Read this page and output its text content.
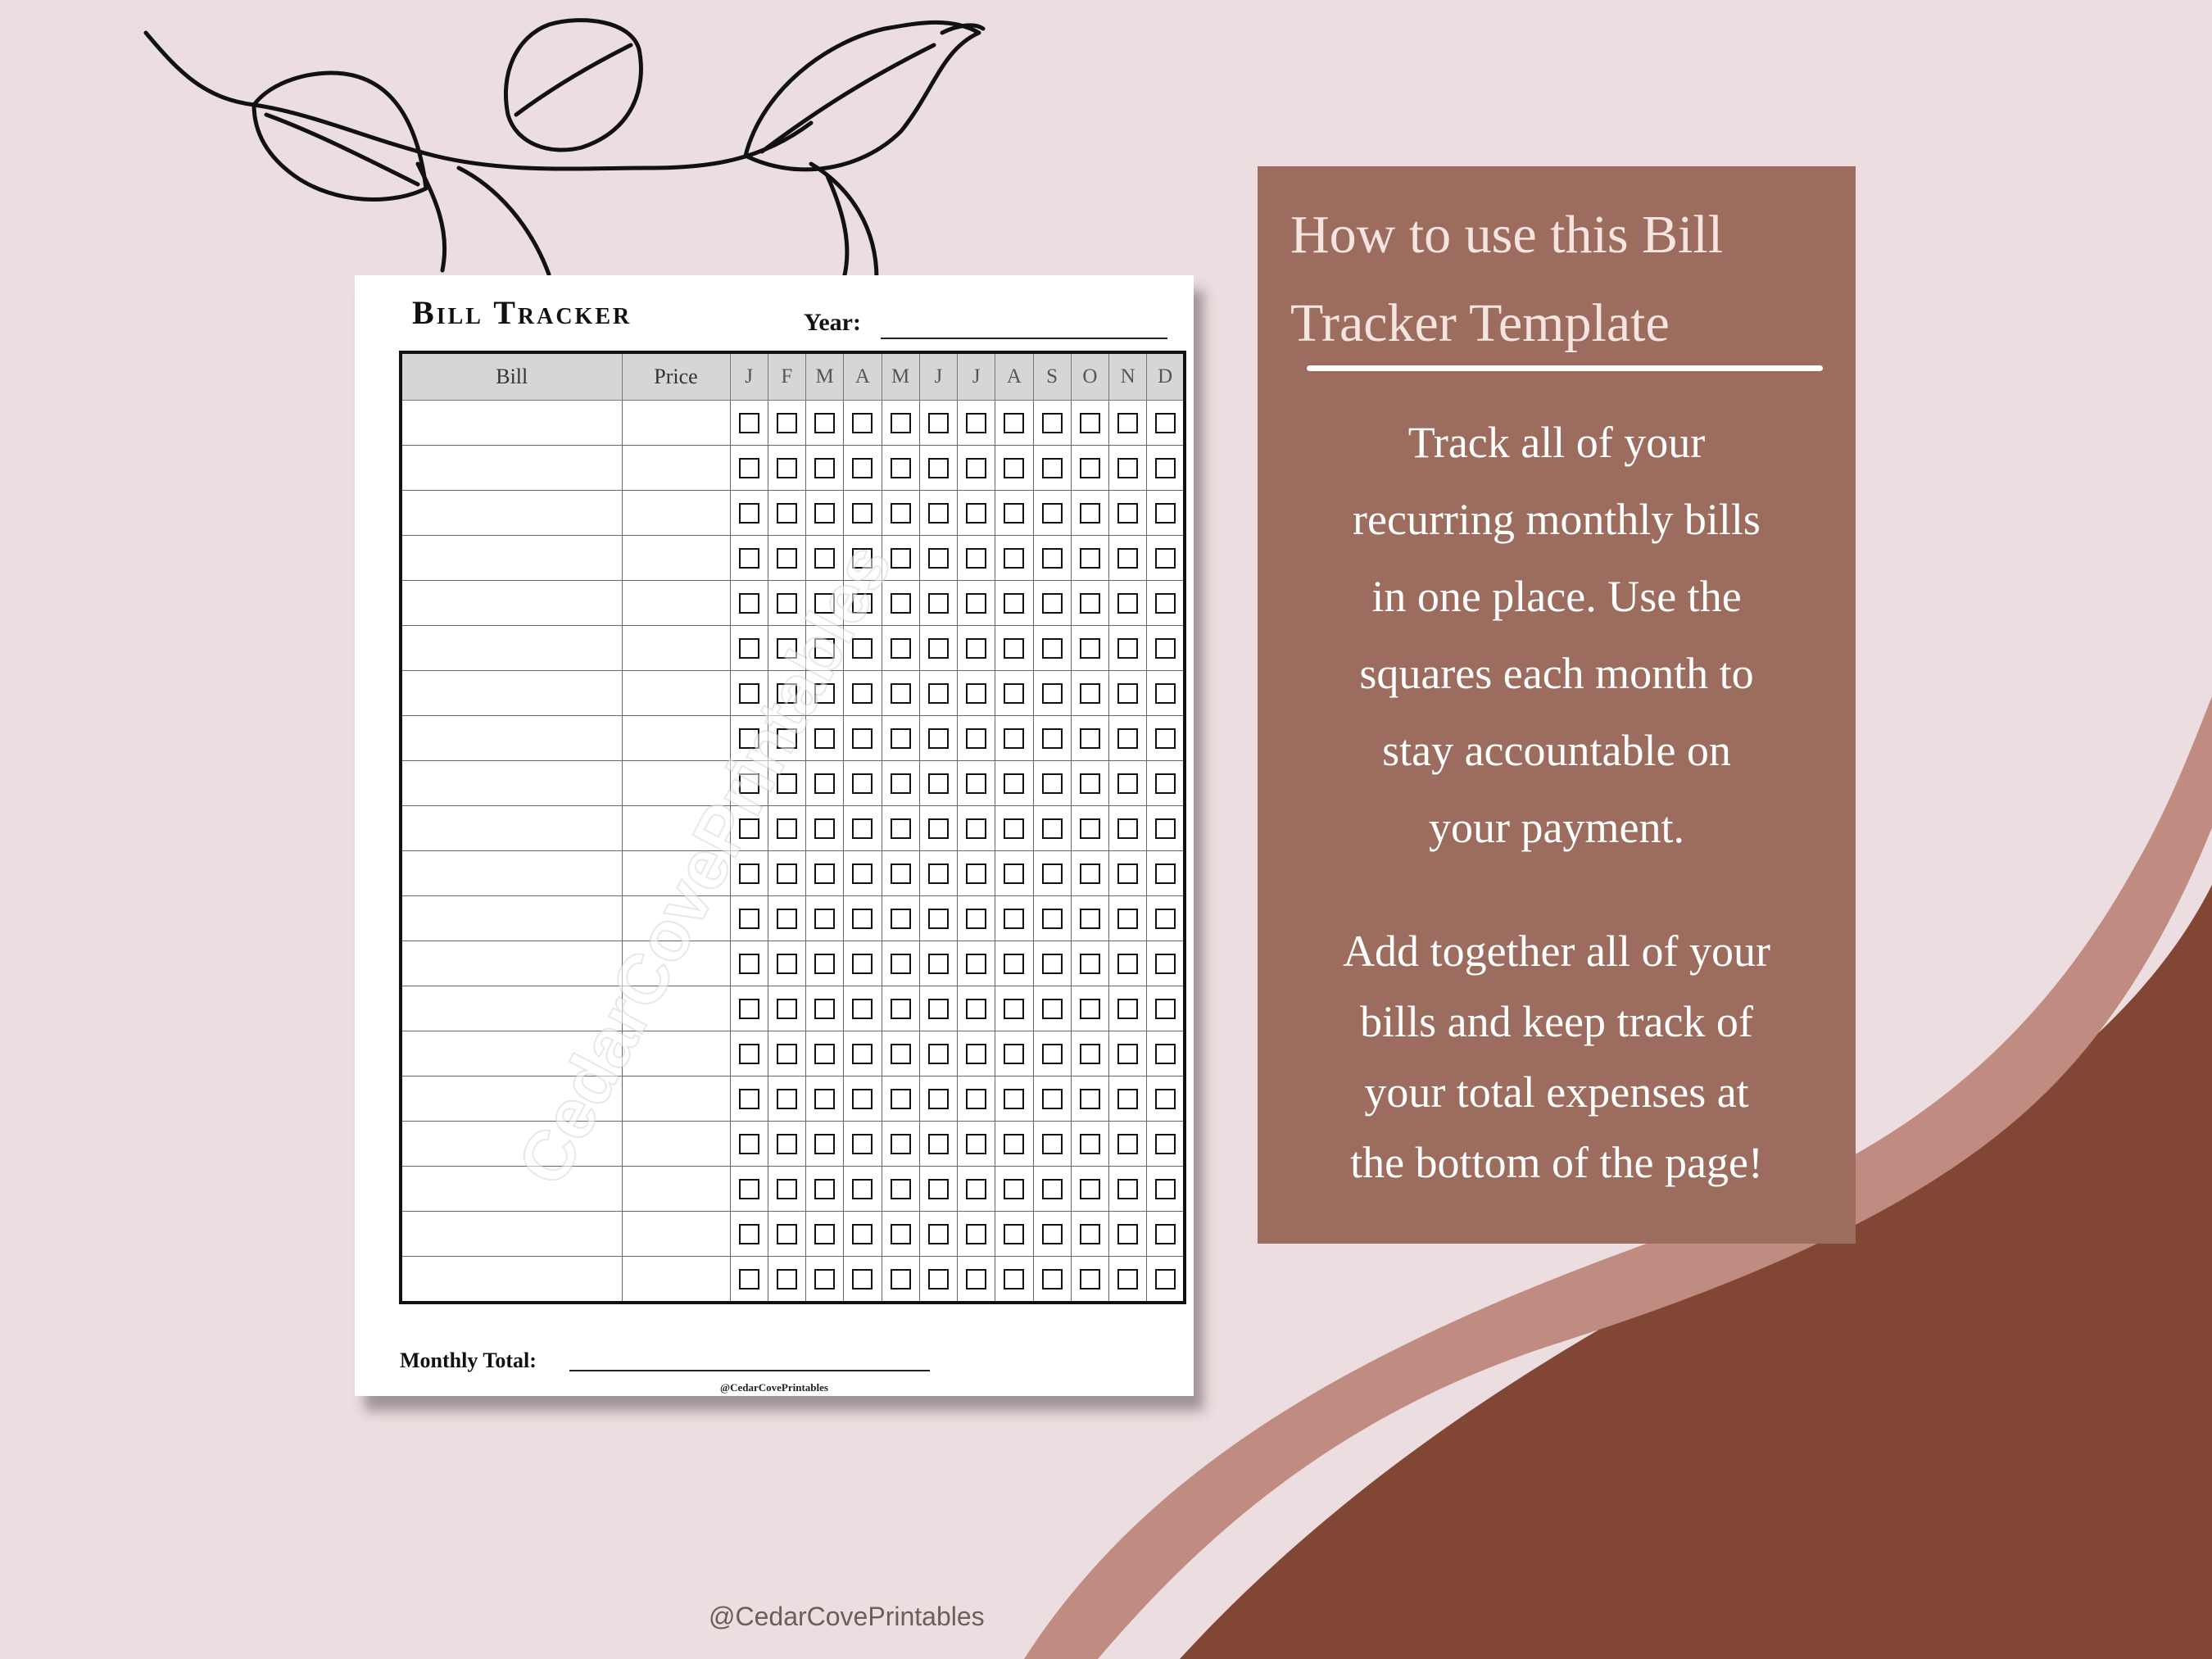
Bill Tracker	Year:
Bill	Price	J	F	M	A	M	J	J	A	S	O	N	D

Monthly Total:
@CedarCovePrintables
CedarCovePrintables
How to use this Bill
Tracker Template
Track all of your
recurring monthly bills
in one place. Use the
squares each month to
stay accountable on
your payment.
Add together all of your
bills and keep track of
your total expenses at
the bottom of the page!
@CedarCovePrintables
